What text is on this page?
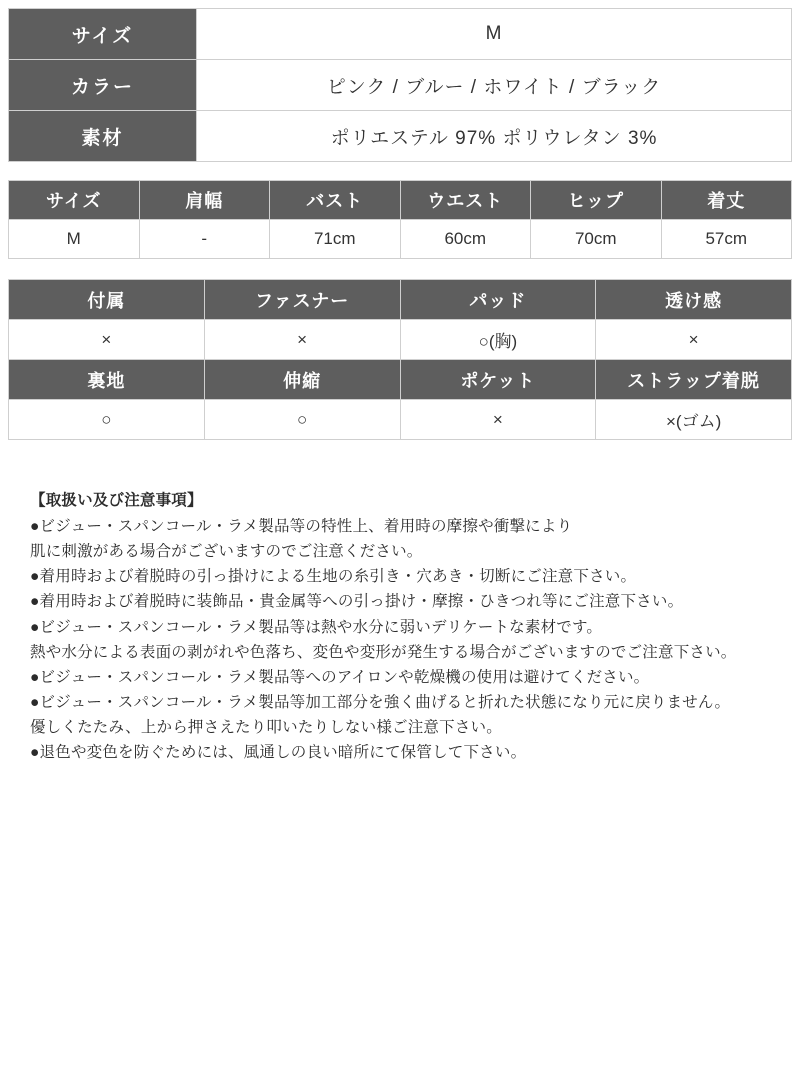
サイズ	M
カラー	ピンク / ブルー / ホワイト / ブラック
素材	ポリエステル 97% ポリウレタン 3%
サイズ	肩幅	バスト	ウエスト	ヒップ	着丈
M	-	71cm	60cm	70cm	57cm
付属	ファスナー	パッド	透け感
×	×	○(胸)	×
裏地	伸縮	ポケット	ストラップ着脱
○	○	×	×(ゴム)
【取扱い及び注意事項】
●ビジュー・スパンコール・ラメ製品等の特性上、着用時の摩擦や衝撃により
肌に刺激がある場合がございますのでご注意ください。
●着用時および着脱時の引っ掛けによる生地の糸引き・穴あき・切断にご注意下さい。
●着用時および着脱時に装飾品・貴金属等への引っ掛け・摩擦・ひきつれ等にご注意下さい。
●ビジュー・スパンコール・ラメ製品等は熱や水分に弱いデリケートな素材です。
熱や水分による表面の剥がれや色落ち、変色や変形が発生する場合がございますのでご注意下さい。
●ビジュー・スパンコール・ラメ製品等へのアイロンや乾燥機の使用は避けてください。
●ビジュー・スパンコール・ラメ製品等加工部分を強く曲げると折れた状態になり元に戻りません。
優しくたたみ、上から押さえたり叩いたりしない様ご注意下さい。
●退色や変色を防ぐためには、風通しの良い暗所にて保管して下さい。
